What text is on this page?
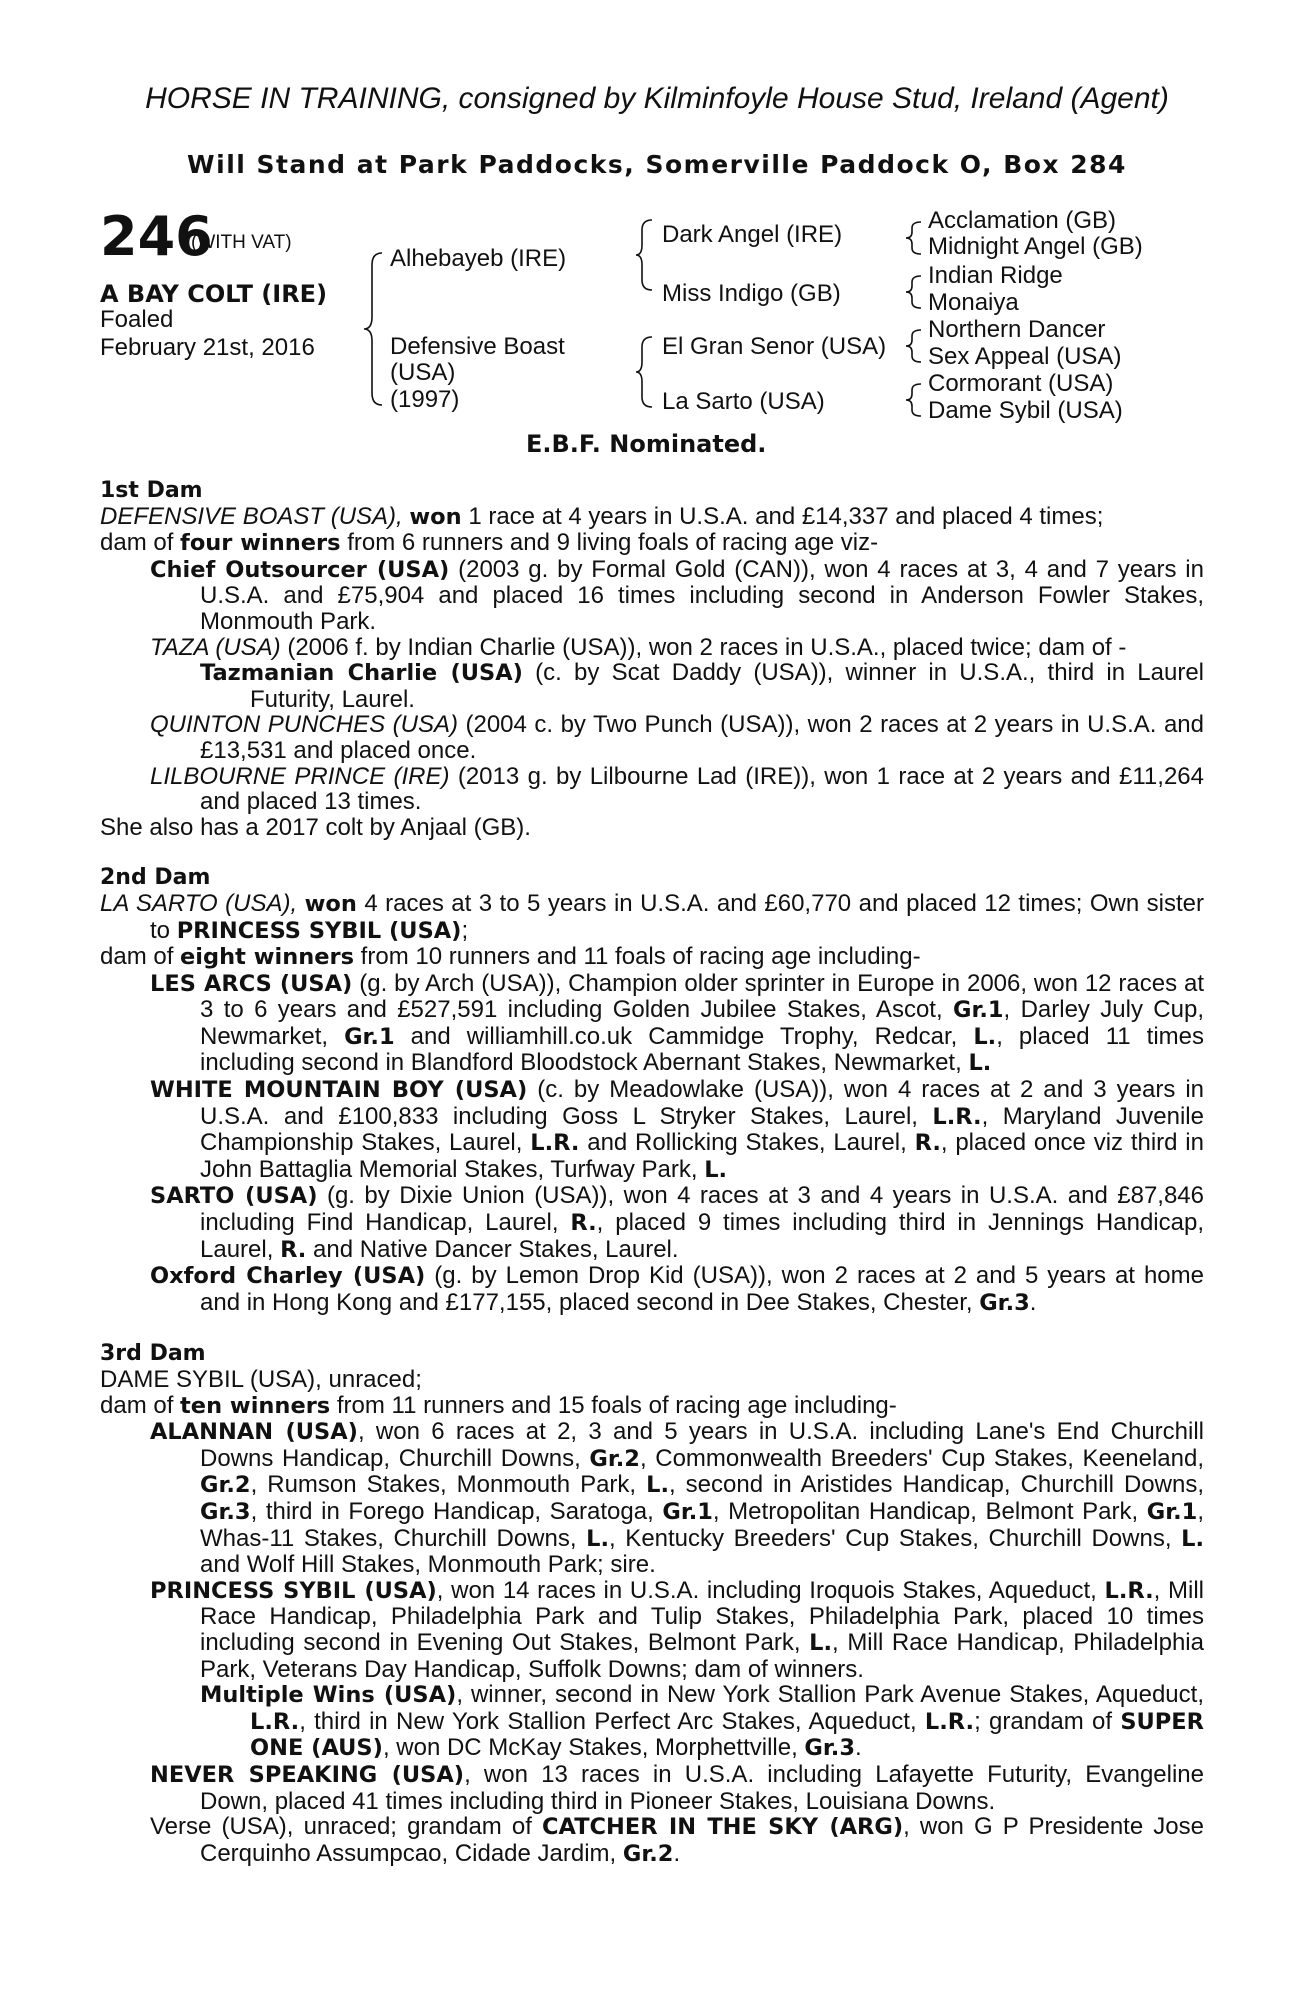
HORSE IN TRAINING, consigned by Kilminfoyle House Stud, Ireland (Agent)
Will Stand at Park Paddocks, Somerville Paddock O, Box 284
246
(WITH VAT)
A BAY COLT (IRE)
Foaled
February 21st, 2016
Alhebayeb (IRE)
Defensive Boast
(USA)
(1997)
Dark Angel (IRE)
Miss Indigo (GB)
El Gran Senor (USA)
La Sarto (USA)
Acclamation (GB)
Midnight Angel (GB)
Indian Ridge
Monaiya
Northern Dancer
Sex Appeal (USA)
Cormorant (USA)
Dame Sybil (USA)
E.B.F. Nominated.
1st Dam
DEFENSIVE BOAST (USA), won 1 race at 4 years in U.S.A. and £14,337 and placed 4 times;
dam of four winners from 6 runners and 9 living foals of racing age viz-
Chief Outsourcer (USA) (2003 g. by Formal Gold (CAN)), won 4 races at 3, 4 and 7 years in U.S.A. and £75,904 and placed 16 times including second in Anderson Fowler Stakes, Monmouth Park.
TAZA (USA) (2006 f. by Indian Charlie (USA)), won 2 races in U.S.A., placed twice; dam of -
Tazmanian Charlie (USA) (c. by Scat Daddy (USA)), winner in U.S.A., third in Laurel Futurity, Laurel.
QUINTON PUNCHES (USA) (2004 c. by Two Punch (USA)), won 2 races at 2 years in U.S.A. and £13,531 and placed once.
LILBOURNE PRINCE (IRE) (2013 g. by Lilbourne Lad (IRE)), won 1 race at 2 years and £11,264 and placed 13 times.
She also has a 2017 colt by Anjaal (GB).
2nd Dam
LA SARTO (USA), won 4 races at 3 to 5 years in U.S.A. and £60,770 and placed 12 times; Own sister to PRINCESS SYBIL (USA);
dam of eight winners from 10 runners and 11 foals of racing age including-
LES ARCS (USA) (g. by Arch (USA)), Champion older sprinter in Europe in 2006, won 12 races at 3 to 6 years and £527,591 including Golden Jubilee Stakes, Ascot, Gr.1, Darley July Cup, Newmarket, Gr.1 and williamhill.co.uk Cammidge Trophy, Redcar, L., placed 11 times including second in Blandford Bloodstock Abernant Stakes, Newmarket, L.
WHITE MOUNTAIN BOY (USA) (c. by Meadowlake (USA)), won 4 races at 2 and 3 years in U.S.A. and £100,833 including Goss L Stryker Stakes, Laurel, L.R., Maryland Juvenile Championship Stakes, Laurel, L.R. and Rollicking Stakes, Laurel, R., placed once viz third in John Battaglia Memorial Stakes, Turfway Park, L.
SARTO (USA) (g. by Dixie Union (USA)), won 4 races at 3 and 4 years in U.S.A. and £87,846 including Find Handicap, Laurel, R., placed 9 times including third in Jennings Handicap, Laurel, R. and Native Dancer Stakes, Laurel.
Oxford Charley (USA) (g. by Lemon Drop Kid (USA)), won 2 races at 2 and 5 years at home and in Hong Kong and £177,155, placed second in Dee Stakes, Chester, Gr.3.
3rd Dam
DAME SYBIL (USA), unraced;
dam of ten winners from 11 runners and 15 foals of racing age including-
ALANNAN (USA), won 6 races at 2, 3 and 5 years in U.S.A. including Lane's End Churchill Downs Handicap, Churchill Downs, Gr.2, Commonwealth Breeders' Cup Stakes, Keeneland, Gr.2, Rumson Stakes, Monmouth Park, L., second in Aristides Handicap, Churchill Downs, Gr.3, third in Forego Handicap, Saratoga, Gr.1, Metropolitan Handicap, Belmont Park, Gr.1, Whas-11 Stakes, Churchill Downs, L., Kentucky Breeders' Cup Stakes, Churchill Downs, L. and Wolf Hill Stakes, Monmouth Park; sire.
PRINCESS SYBIL (USA), won 14 races in U.S.A. including Iroquois Stakes, Aqueduct, L.R., Mill Race Handicap, Philadelphia Park and Tulip Stakes, Philadelphia Park, placed 10 times including second in Evening Out Stakes, Belmont Park, L., Mill Race Handicap, Philadelphia Park, Veterans Day Handicap, Suffolk Downs; dam of winners.
Multiple Wins (USA), winner, second in New York Stallion Park Avenue Stakes, Aqueduct, L.R., third in New York Stallion Perfect Arc Stakes, Aqueduct, L.R.; grandam of SUPER ONE (AUS), won DC McKay Stakes, Morphettville, Gr.3.
NEVER SPEAKING (USA), won 13 races in U.S.A. including Lafayette Futurity, Evangeline Down, placed 41 times including third in Pioneer Stakes, Louisiana Downs.
Verse (USA), unraced; grandam of CATCHER IN THE SKY (ARG), won G P Presidente Jose Cerquinho Assumpcao, Cidade Jardim, Gr.2.
